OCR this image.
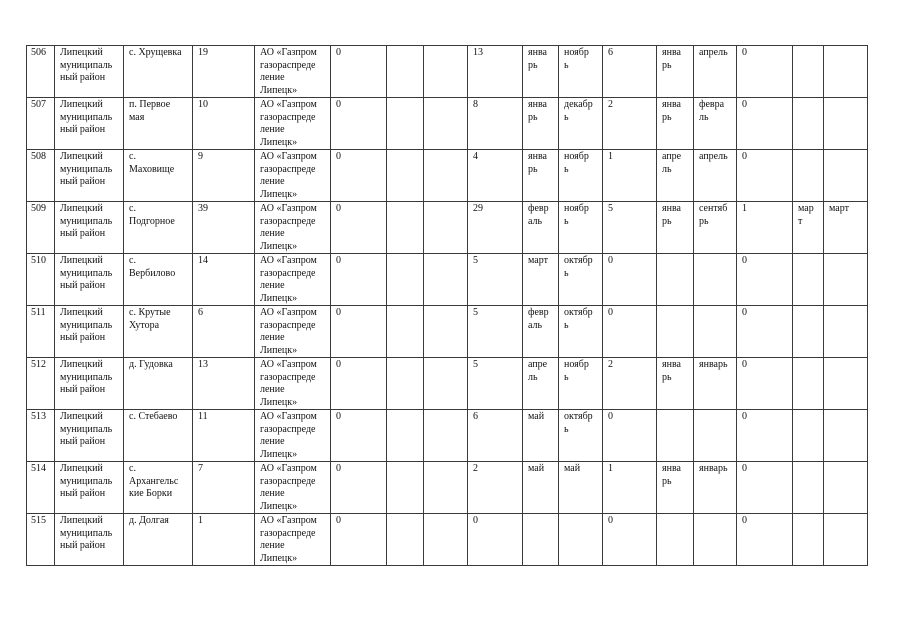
506	Липецкий
муниципаль
ный район	с. Хрущевка	19	АО «Газпром
газораспреде
ление
Липецк»	0			13	янва
рь	ноябр
ь	6	янва
рь	апрель	0		
507	Липецкий
муниципаль
ный район	п. Первое
мая	10	АО «Газпром
газораспреде
ление
Липецк»	0			8	янва
рь	декабр
ь	2	янва
рь	февра
ль	0		
508	Липецкий
муниципаль
ный район	с.
Маховище	9	АО «Газпром
газораспреде
ление
Липецк»	0			4	янва
рь	ноябр
ь	1	апре
ль	апрель	0		
509	Липецкий
муниципаль
ный район	с.
Подгорное	39	АО «Газпром
газораспреде
ление
Липецк»	0			29	февр
аль	ноябр
ь	5	янва
рь	сентяб
рь	1	мар
т	март
510	Липецкий
муниципаль
ный район	с.
Вербилово	14	АО «Газпром
газораспреде
ление
Липецк»	0			5	март	октябр
ь	0			0		
511	Липецкий
муниципаль
ный район	с. Крутые
Хутора	6	АО «Газпром
газораспреде
ление
Липецк»	0			5	февр
аль	октябр
ь	0			0		
512	Липецкий
муниципаль
ный район	д. Гудовка	13	АО «Газпром
газораспреде
ление
Липецк»	0			5	апре
ль	ноябр
ь	2	янва
рь	январь	0		
513	Липецкий
муниципаль
ный район	с. Стебаево	11	АО «Газпром
газораспреде
ление
Липецк»	0			6	май	октябр
ь	0			0		
514	Липецкий
муниципаль
ный район	с.
Архангельс
кие Борки	7	АО «Газпром
газораспреде
ление
Липецк»	0			2	май	май	1	янва
рь	январь	0		
515	Липецкий
муниципаль
ный район	д. Долгая	1	АО «Газпром
газораспреде
ление
Липецк»	0			0			0			0		
